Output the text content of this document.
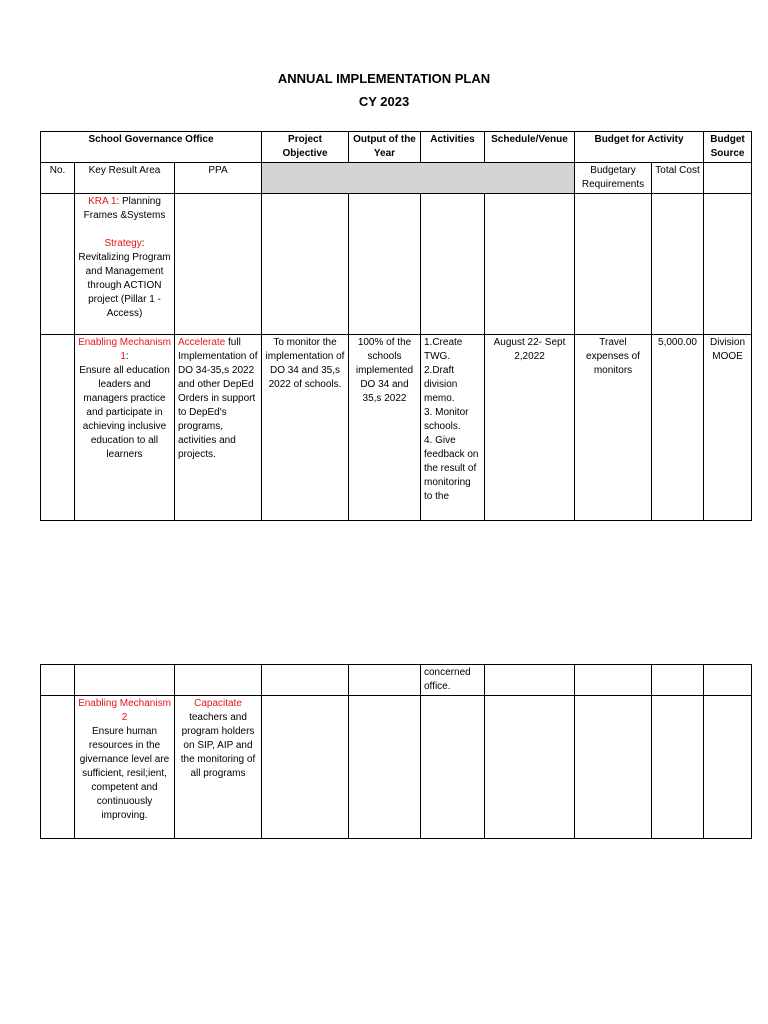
ANNUAL IMPLEMENTATION PLAN
CY 2023
School Governance Office			Project Objective	Output of the Year	Activities	Schedule/Venue	Budget for Activity		Budget Source
No.	Key Result Area	PPA					Budgetary Requirements	Total Cost	
	KRA 1: Planning Frames &Systems

Strategy:
Revitalizing Program and Management through ACTION project (Pillar 1 - Access)								
	Enabling Mechanism 1:
Ensure all education leaders and managers practice and participate in achieving inclusive education to all learners	Accelerate full Implementation of DO 34-35,s 2022 and other DepEd Orders in support to DepEd's programs, activities and projects.	To monitor the implementation of DO 34 and 35,s 2022 of schools.	100% of the schools implemented DO 34 and 35,s 2022	1.Create TWG.
2.Draft division memo.
3. Monitor schools.
4. Give feedback on the result of monitoring to the	August 22- Sept 2,2022	Travel expenses of monitors	5,000.00	Division MOOE
					concerned office.				
	Enabling Mechanism 2
Ensure human resources in the givernance level are sufficient, resil;ient, competent and continuously improving.	Capacitate
teachers and program holders on SIP, AIP and the monitoring of all programs							
